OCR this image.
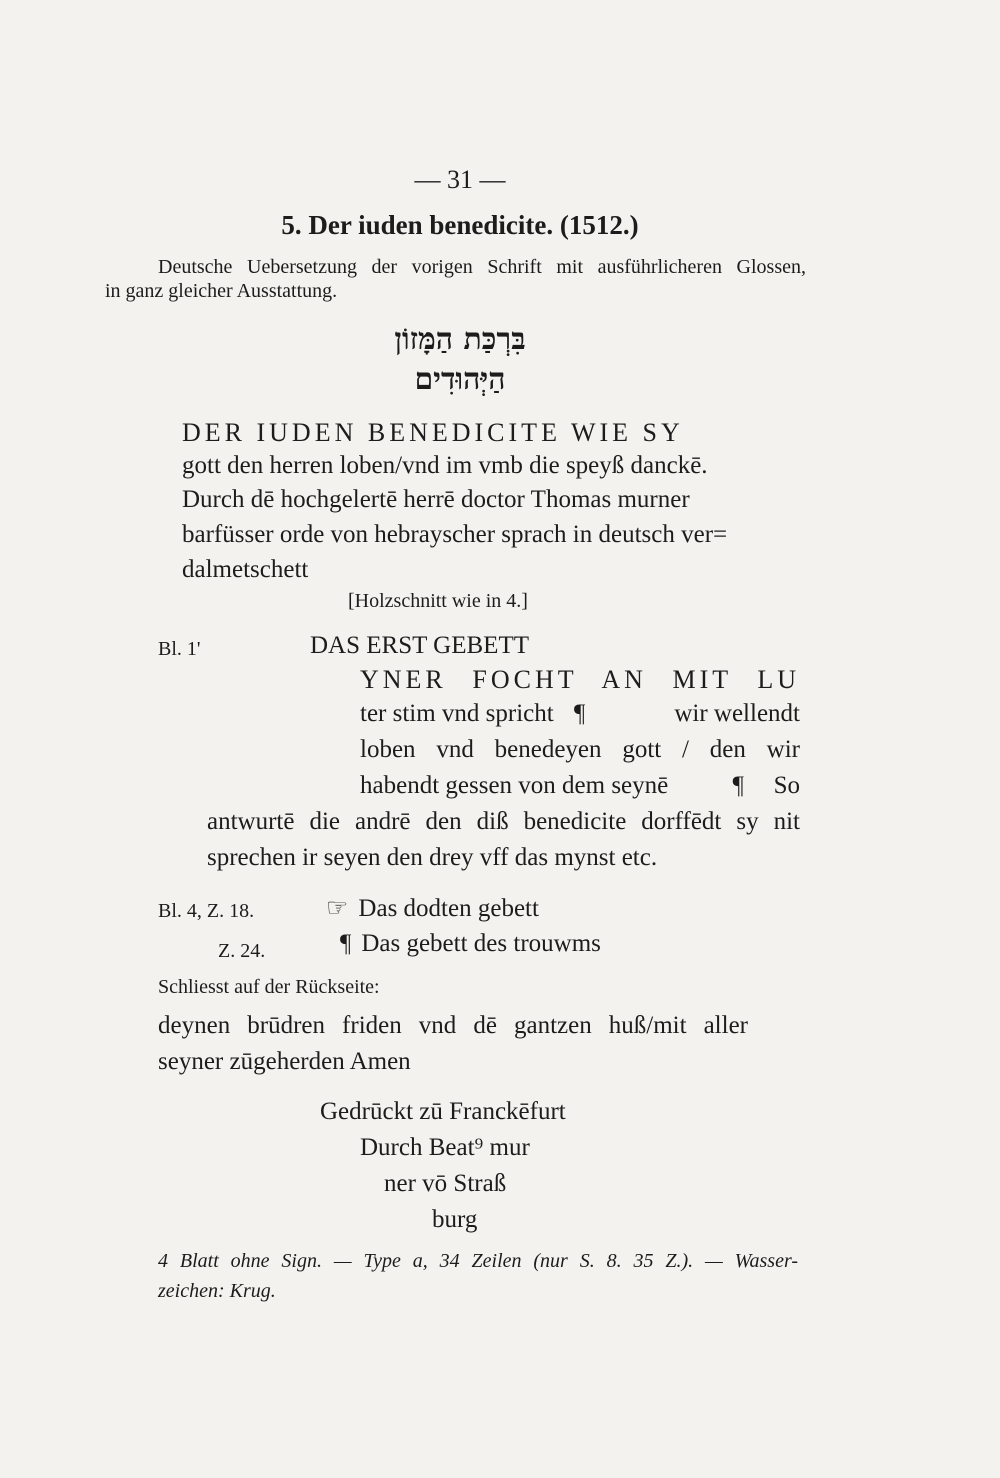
— 31 —
5. Der iuden benedicite. (1512.)
Deutsche Uebersetzung der vorigen Schrift mit ausführlicheren Glossen,
in ganz gleicher Ausstattung.
בִּרְכַּת הַמָּזוֹן
הַיְּהוּדִים
DER IUDEN BENEDICITE WIE SY
gott den herren loben/vnd im vmb die speyß danckē.
Durch dē hochgelertē herrē doctor Thomas murner
barfüsser orde von hebrayscher sprach in deutsch ver=
dalmetschett
[Holzschnitt wie in 4.]
Bl. 1'	DAS ERST GEBETT
YNER FOCHT AN MIT LU
ter stim vnd spricht ¶	wir wellendt
loben vnd benedeyen gott / den wir
habendt gessen von dem seynē	¶ So
antwurtē die andrē den diß benedicite dorffēdt sy nit
sprechen ir seyen den drey vff das mynst etc.
Bl. 4, Z. 18.	☞ Das dodten gebett
Z. 24.	¶ Das gebett des trouwms
Schliesst auf der Rückseite:
deynen brūdren friden vnd dē gantzen huß/mit aller
seyner zūgeherden Amen
Gedrūckt zū Franckēfurt
Durch Beat⁹ mur
ner vō Straß
burg
4 Blatt ohne Sign. — Type a, 34 Zeilen (nur S. 8. 35 Z.). — Wasser-
zeichen: Krug.
